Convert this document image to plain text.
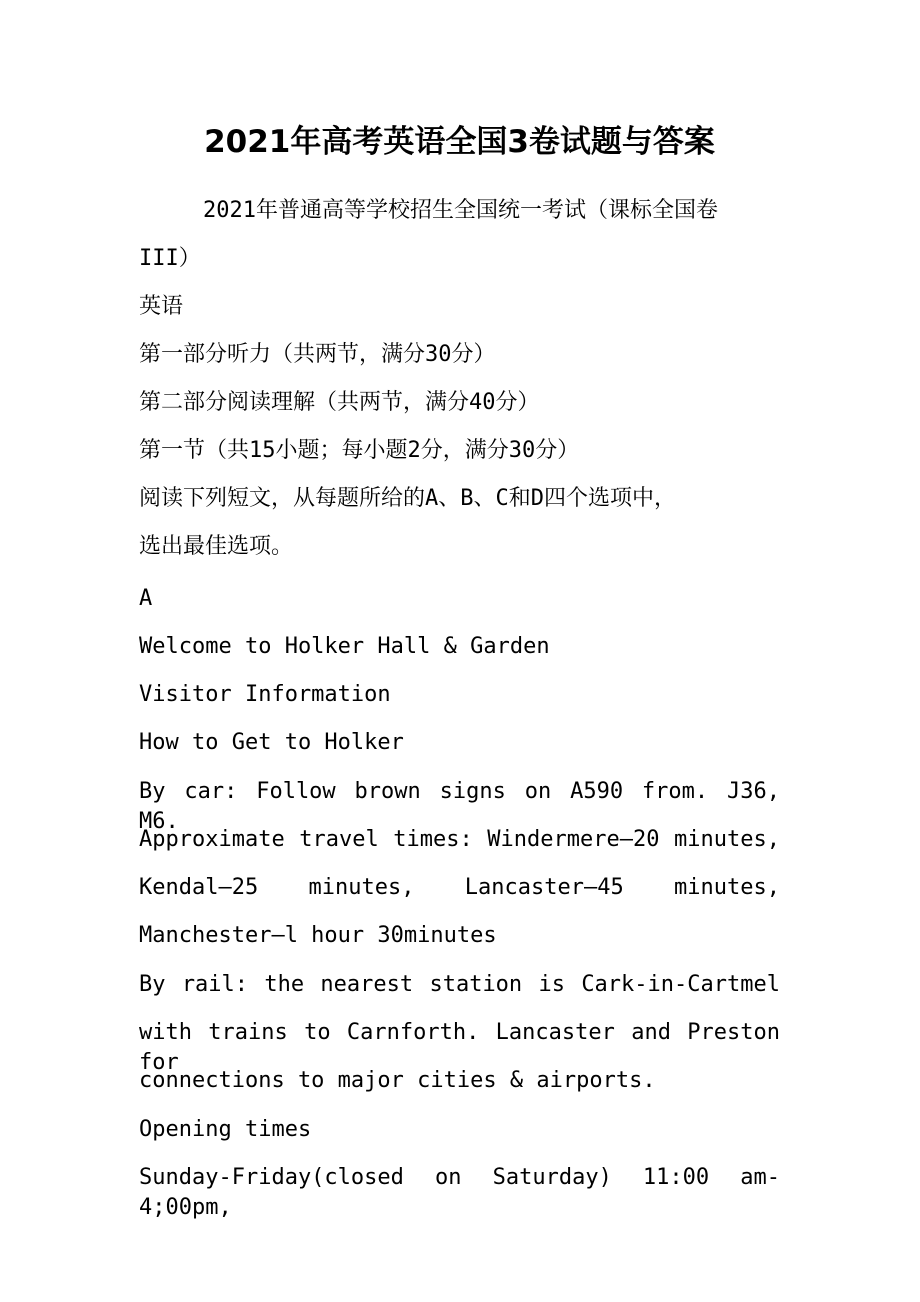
2021年高考英语全国3卷试题与答案
2021年普通高等学校招生全国统一考试（课标全国卷
III）
英语
第一部分听力（共两节，满分30分）
第二部分阅读理解（共两节，满分40分）
第一节（共15小题；每小题2分，满分30分）
阅读下列短文，从每题所给的A、B、C和D四个选项中，
选出最佳选项。
A
Welcome to Holker Hall & Garden
Visitor Information
How to Get to Holker
By car: Follow brown signs on A590 from. J36, M6.
Approximate travel times: Windermere—20 minutes,
Kendal—25 minutes, Lancaster—45 minutes,
Manchester—l hour 30minutes
By rail: the nearest station is Cark-in-Cartmel
with trains to Carnforth. Lancaster and Preston for
connections to major cities & airports.
Opening times
Sunday-Friday(closed on Saturday) 11:00 am-4;00pm,
